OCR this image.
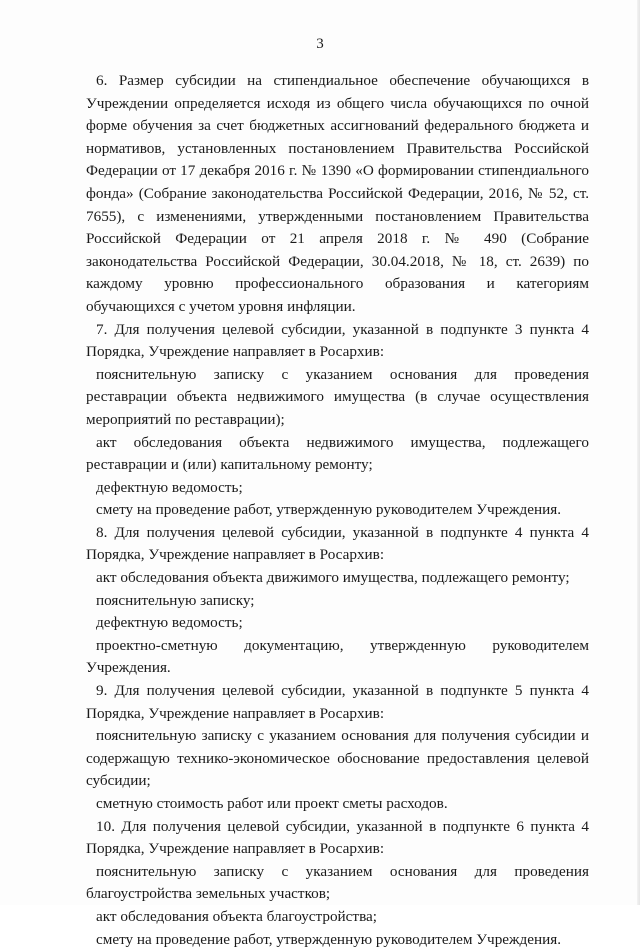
3

6. Размер субсидии на стипендиальное обеспечение обучающихся в Учреждении определяется исходя из общего числа обучающихся по очной форме обучения за счет бюджетных ассигнований федерального бюджета и нормативов, установленных постановлением Правительства Российской Федерации от 17 декабря 2016 г. № 1390 «О формировании стипендиального фонда» (Собрание законодательства Российской Федерации, 2016, № 52, ст. 7655), с изменениями, утвержденными постановлением Правительства Российской Федерации от 21 апреля 2018 г. № 490 (Собрание законодательства Российской Федерации, 30.04.2018, № 18, ст. 2639) по каждому уровню профессионального образования и категориям обучающихся с учетом уровня инфляции.

7. Для получения целевой субсидии, указанной в подпункте 3 пункта 4 Порядка, Учреждение направляет в Росархив:

пояснительную записку с указанием основания для проведения реставрации объекта недвижимого имущества (в случае осуществления мероприятий по реставрации);

акт обследования объекта недвижимого имущества, подлежащего реставрации и (или) капитальному ремонту;

дефектную ведомость;

смету на проведение работ, утвержденную руководителем Учреждения.

8. Для получения целевой субсидии, указанной в подпункте 4 пункта 4 Порядка, Учреждение направляет в Росархив:

акт обследования объекта движимого имущества, подлежащего ремонту;

пояснительную записку;

дефектную ведомость;

проектно-сметную документацию, утвержденную руководителем Учреждения.

9. Для получения целевой субсидии, указанной в подпункте 5 пункта 4 Порядка, Учреждение направляет в Росархив:

пояснительную записку с указанием основания для получения субсидии и содержащую технико-экономическое обоснование предоставления целевой субсидии;

сметную стоимость работ или проект сметы расходов.

10. Для получения целевой субсидии, указанной в подпункте 6 пункта 4 Порядка, Учреждение направляет в Росархив:

пояснительную записку с указанием основания для проведения благоустройства земельных участков;

акт обследования объекта благоустройства;

смету на проведение работ, утвержденную руководителем Учреждения.
